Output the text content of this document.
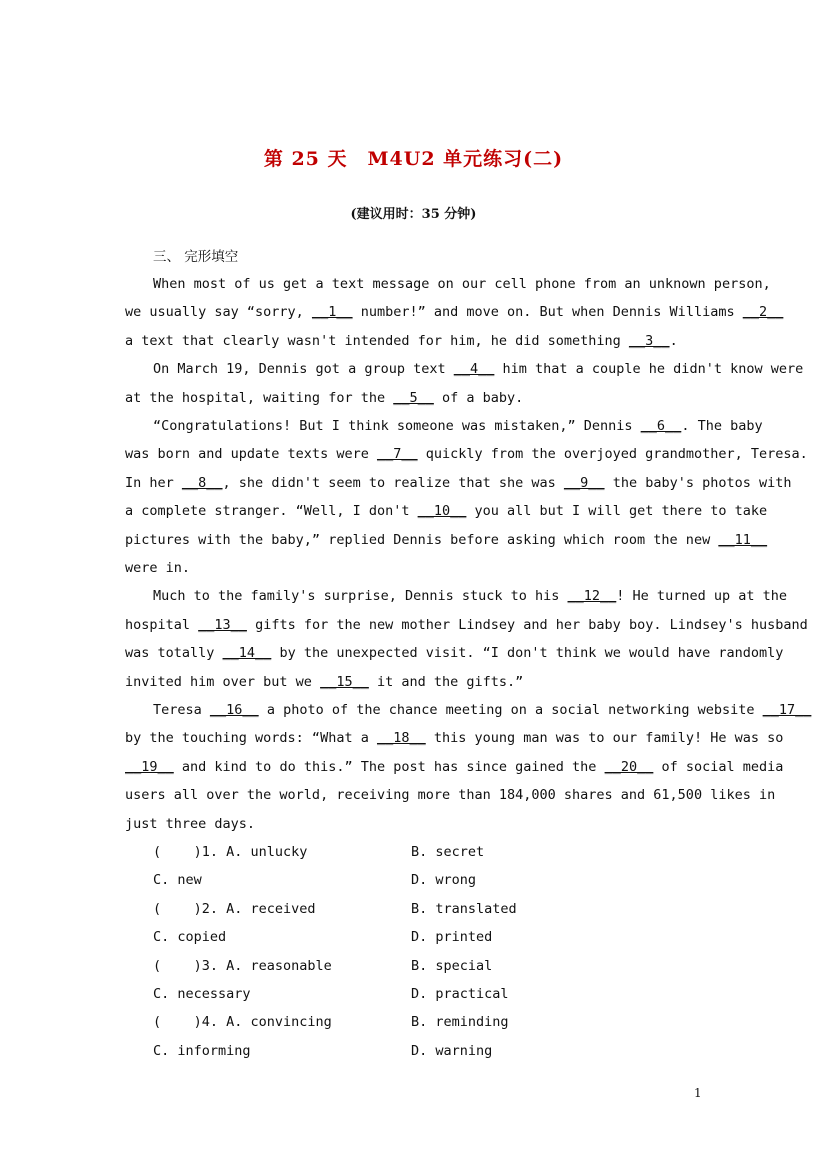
第 25 天　M4U2 单元练习(二)
(建议用时：35 分钟)
三、 完形填空
When most of us get a text message on our cell phone from an unknown person,
we usually say “sorry, __1__ number!” and move on. But when Dennis Williams __2__
a text that clearly wasn't intended for him, he did something __3__.
On March 19, Dennis got a group text __4__ him that a couple he didn't know were
at the hospital, waiting for the __5__ of a baby.
“Congratulations! But I think someone was mistaken,” Dennis __6__. The baby
was born and update texts were __7__ quickly from the overjoyed grandmother, Teresa.
In her __8__, she didn't seem to realize that she was __9__ the baby's photos with
a complete stranger. “Well, I don't __10__ you all but I will get there to take
pictures with the baby,” replied Dennis before asking which room the new __11__
were in.
Much to the family's surprise, Dennis stuck to his __12__! He turned up at the
hospital __13__ gifts for the new mother Lindsey and her baby boy. Lindsey's husband
was totally __14__ by the unexpected visit. “I don't think we would have randomly
invited him over but we __15__ it and the gifts.”
Teresa __16__ a photo of the chance meeting on a social networking website __17__
by the touching words: “What a __18__ this young man was to our family! He was so
__19__ and kind to do this.” The post has since gained the __20__ of social media
users all over the world, receiving more than 184,000 shares and 61,500 likes in
just three days.
(    )1. A. unlucky	B. secret
C. new	D. wrong
(    )2. A. received	B. translated
C. copied	D. printed
(    )3. A. reasonable	B. special
C. necessary	D. practical
(    )4. A. convincing	B. reminding
C. informing	D. warning
1
